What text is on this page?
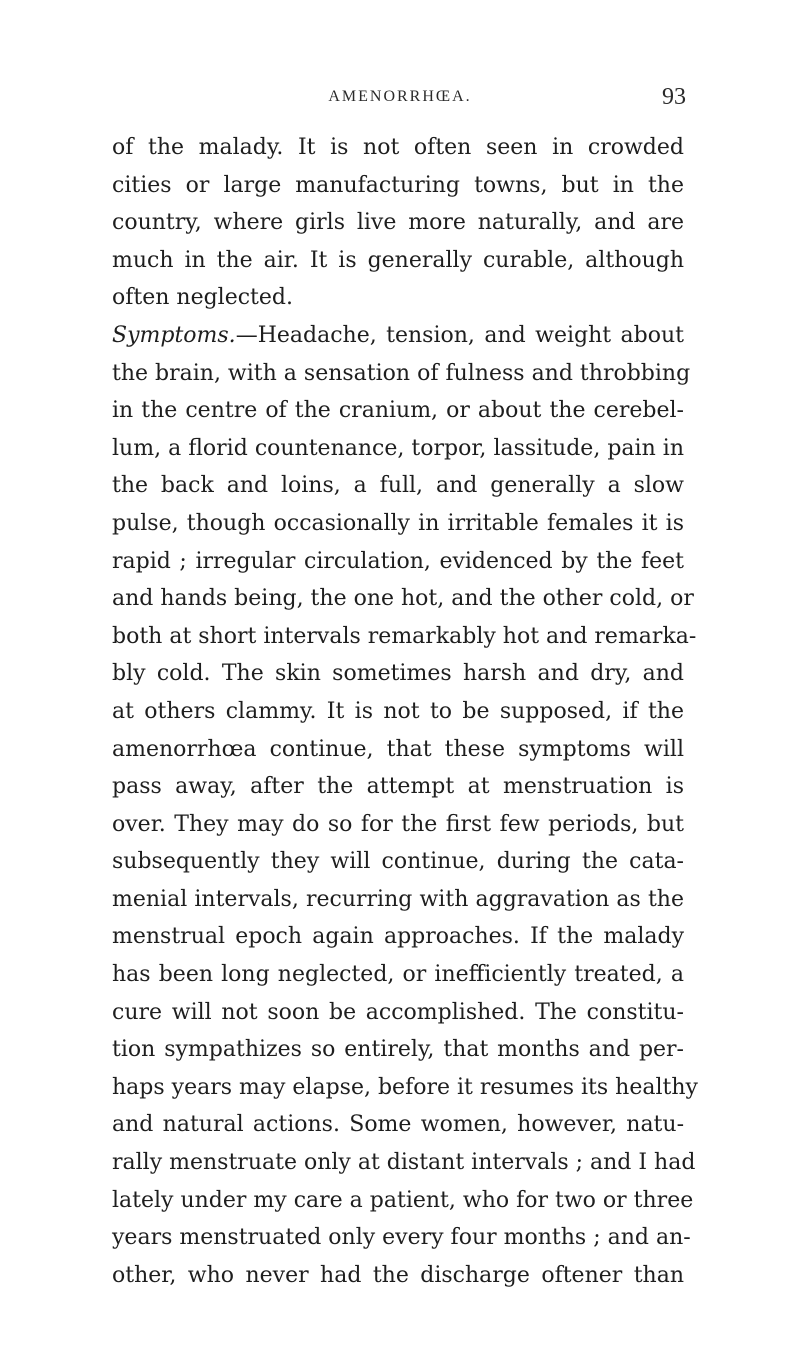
AMENORRHŒA.	93
of the malady. It is not often seen in crowded
cities or large manufacturing towns, but in the
country, where girls live more naturally, and are
much in the air. It is generally curable, although
often neglected.
Symptoms.—Headache, tension, and weight about
the brain, with a sensation of fulness and throbbing
in the centre of the cranium, or about the cerebel-
lum, a florid countenance, torpor, lassitude, pain in
the back and loins, a full, and generally a slow
pulse, though occasionally in irritable females it is
rapid ; irregular circulation, evidenced by the feet
and hands being, the one hot, and the other cold, or
both at short intervals remarkably hot and remarka-
bly cold. The skin sometimes harsh and dry, and
at others clammy. It is not to be supposed, if the
amenorrhœa continue, that these symptoms will
pass away, after the attempt at menstruation is
over. They may do so for the first few periods, but
subsequently they will continue, during the cata-
menial intervals, recurring with aggravation as the
menstrual epoch again approaches. If the malady
has been long neglected, or inefficiently treated, a
cure will not soon be accomplished. The constitu-
tion sympathizes so entirely, that months and per-
haps years may elapse, before it resumes its healthy
and natural actions. Some women, however, natu-
rally menstruate only at distant intervals ; and I had
lately under my care a patient, who for two or three
years menstruated only every four months ; and an-
other, who never had the discharge oftener than
